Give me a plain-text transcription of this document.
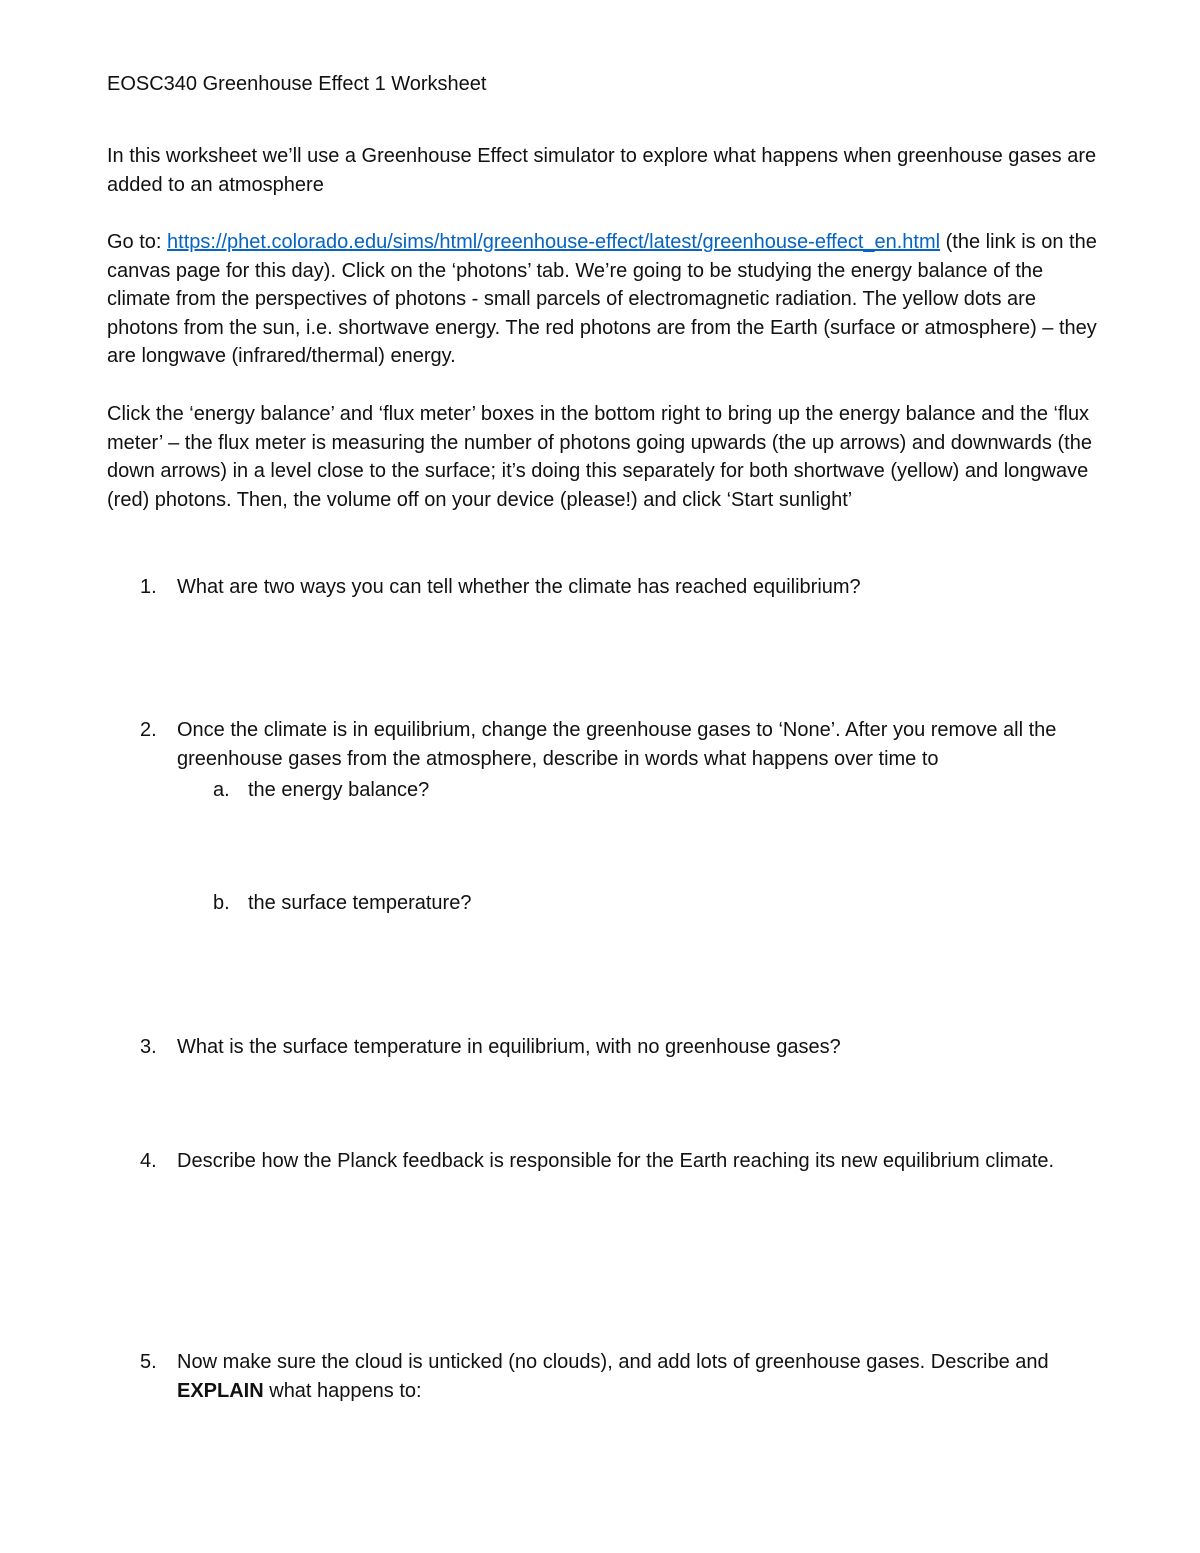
EOSC340 Greenhouse Effect 1 Worksheet

In this worksheet we’ll use a Greenhouse Effect simulator to explore what happens when greenhouse gases are added to an atmosphere

Go to: https://phet.colorado.edu/sims/html/greenhouse-effect/latest/greenhouse-effect_en.html (the link is on the canvas page for this day). Click on the ‘photons’ tab. We’re going to be studying the energy balance of the climate from the perspectives of photons - small parcels of electromagnetic radiation. The yellow dots are photons from the sun, i.e. shortwave energy. The red photons are from the Earth (surface or atmosphere) – they are longwave (infrared/thermal) energy.

Click the ‘energy balance’ and ‘flux meter’ boxes in the bottom right to bring up the energy balance and the ‘flux meter’ – the flux meter is measuring the number of photons going upwards (the up arrows) and downwards (the down arrows) in a level close to the surface; it’s doing this separately for both shortwave (yellow) and longwave (red) photons. Then, the volume off on your device (please!) and click ‘Start sunlight’

1. What are two ways you can tell whether the climate has reached equilibrium?
2. Once the climate is in equilibrium, change the greenhouse gases to ‘None’. After you remove all the greenhouse gases from the atmosphere, describe in words what happens over time to
a. the energy balance?
b. the surface temperature?
3. What is the surface temperature in equilibrium, with no greenhouse gases?
4. Describe how the Planck feedback is responsible for the Earth reaching its new equilibrium climate.
5. Now make sure the cloud is unticked (no clouds), and add lots of greenhouse gases. Describe and EXPLAIN what happens to:
